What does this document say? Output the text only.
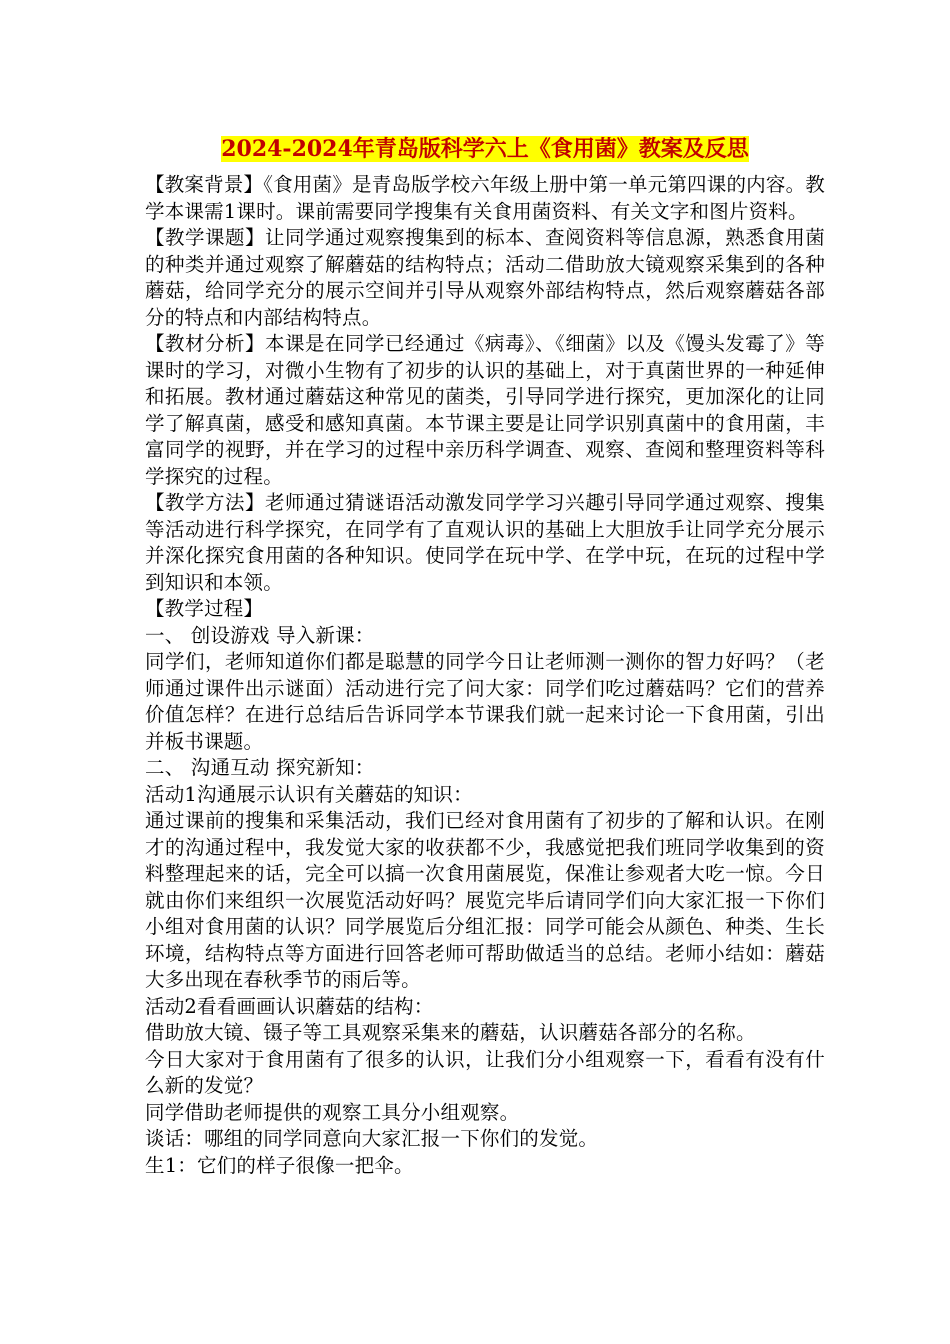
2024-2024年青岛版科学六上《食用菌》教案及反思

【教案背景】《食用菌》是青岛版学校六年级上册中第一单元第四课的内容。教学本课需1课时。课前需要同学搜集有关食用菌资料、有关文字和图片资料。

【教学课题】让同学通过观察搜集到的标本、查阅资料等信息源，熟悉食用菌的种类并通过观察了解蘑菇的结构特点；活动二借助放大镜观察采集到的各种蘑菇，给同学充分的展示空间并引导从观察外部结构特点，然后观察蘑菇各部分的特点和内部结构特点。

【教材分析】本课是在同学已经通过《病毒》、《细菌》以及《馒头发霉了》等课时的学习，对微小生物有了初步的认识的基础上，对于真菌世界的一种延伸和拓展。教材通过蘑菇这种常见的菌类，引导同学进行探究，更加深化的让同学了解真菌，感受和感知真菌。本节课主要是让同学识别真菌中的食用菌，丰富同学的视野，并在学习的过程中亲历科学调查、观察、查阅和整理资料等科学探究的过程。

【教学方法】老师通过猜谜语活动激发同学学习兴趣引导同学通过观察、搜集等活动进行科学探究，在同学有了直观认识的基础上大胆放手让同学充分展示并深化探究食用菌的各种知识。使同学在玩中学、在学中玩，在玩的过程中学到知识和本领。

【教学过程】

一、 创设游戏 导入新课：

同学们，老师知道你们都是聪慧的同学今日让老师测一测你的智力好吗？（老师通过课件出示谜面）活动进行完了问大家：同学们吃过蘑菇吗？它们的营养价值怎样？在进行总结后告诉同学本节课我们就一起来讨论一下食用菌，引出并板书课题。

二、 沟通互动 探究新知：

活动1沟通展示认识有关蘑菇的知识：

通过课前的搜集和采集活动，我们已经对食用菌有了初步的了解和认识。在刚才的沟通过程中，我发觉大家的收获都不少，我感觉把我们班同学收集到的资料整理起来的话，完全可以搞一次食用菌展览，保准让参观者大吃一惊。今日就由你们来组织一次展览活动好吗？展览完毕后请同学们向大家汇报一下你们小组对食用菌的认识？同学展览后分组汇报：同学可能会从颜色、种类、生长环境，结构特点等方面进行回答老师可帮助做适当的总结。老师小结如：蘑菇大多出现在春秋季节的雨后等。

活动2看看画画认识蘑菇的结构：

借助放大镜、镊子等工具观察采集来的蘑菇，认识蘑菇各部分的名称。

今日大家对于食用菌有了很多的认识，让我们分小组观察一下，看看有没有什么新的发觉？

同学借助老师提供的观察工具分小组观察。

谈话：哪组的同学同意向大家汇报一下你们的发觉。

生1：它们的样子很像一把伞。
